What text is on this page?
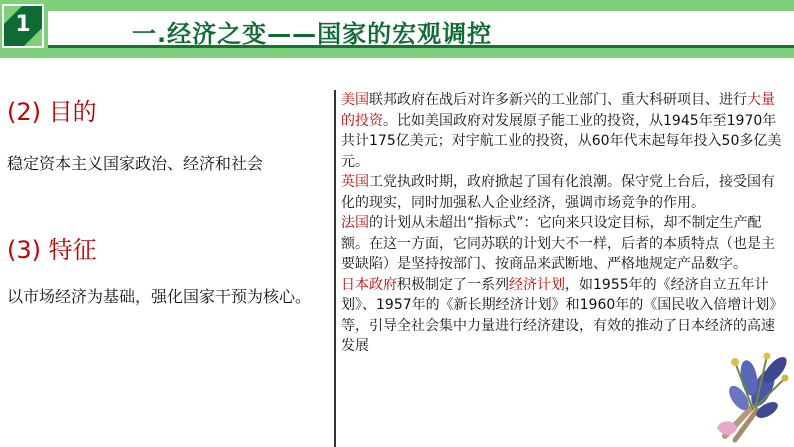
1	一.经济之变——国家的宏观调控
(2) 目的
稳定资本主义国家政治、经济和社会
(3) 特征
以市场经济为基础，强化国家干预为核心。

美国联邦政府在战后对许多新兴的工业部门、重大科研项目、进行大量的投资。比如美国政府对发展原子能工业的投资，从1945年至1970年共计175亿美元；对宇航工业的投资，从60年代末起每年投入50多亿美元。

英国工党执政时期，政府掀起了国有化浪潮。保守党上台后，接受国有化的现实，同时加强私人企业经济，强调市场竞争的作用。

法国的计划从未超出“指标式”：它向来只设定目标，却不制定生产配额。在这一方面，它同苏联的计划大不一样，后者的本质特点（也是主要缺陷）是坚持按部门、按商品来武断地、严格地规定产品数字。

日本政府积极制定了一系列经济计划，如1955年的《经济自立五年计划》、1957年的《新长期经济计划》和1960年的《国民收入倍增计划》等，引导全社会集中力量进行经济建设，有效的推动了日本经济的高速发展
